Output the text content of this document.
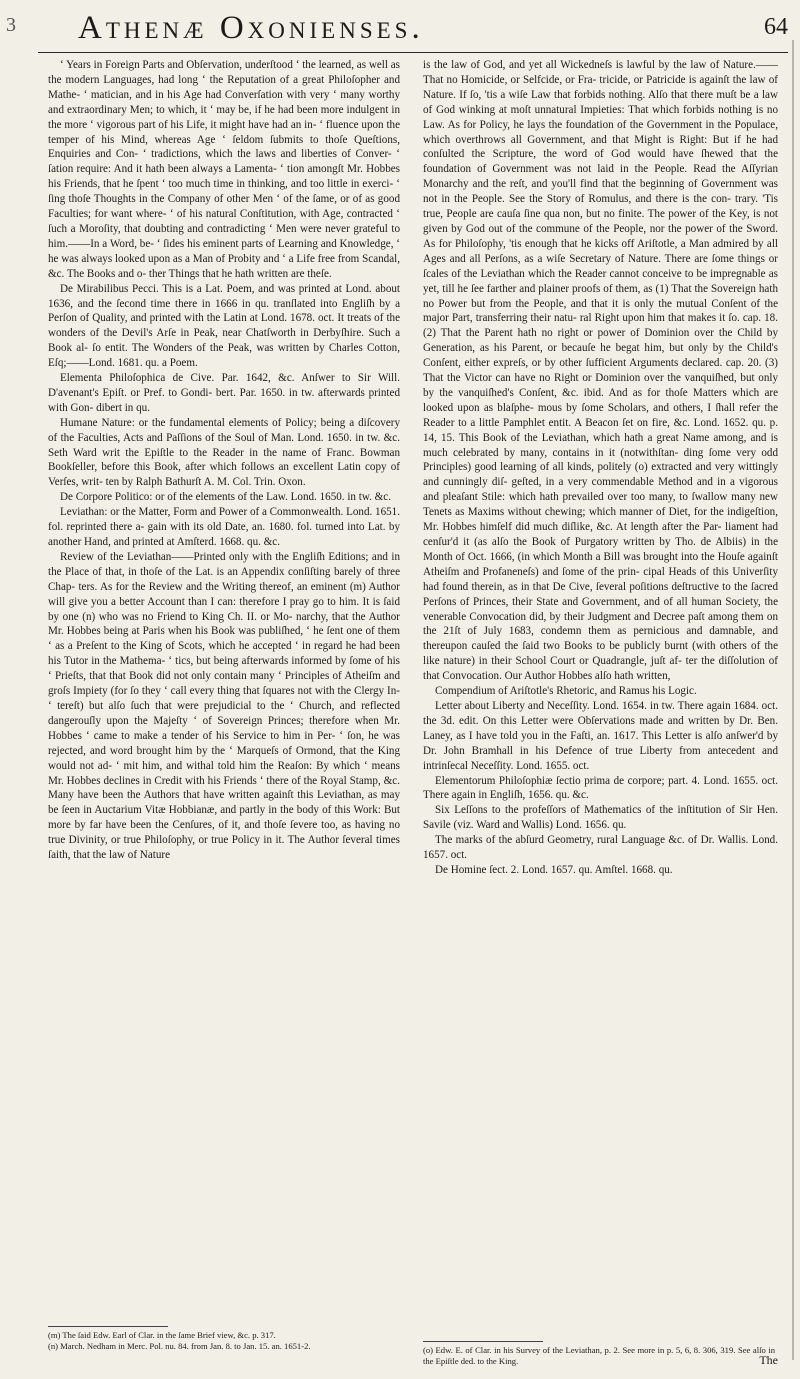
3 Athenæ Oxonienses.	64

‘ Years in Foreign Parts and Obſervation, underſtood ‘ the learned, as well as the modern Languages, had long ‘ the Reputation of a great Philoſopher and Mathe- ‘ matician, and in his Age had Converſation with very ‘ many worthy and extraordinary Men; to which, it ‘ may be, if he had been more indulgent in the more ‘ vigorous part of his Life, it might have had an in- ‘ fluence upon the temper of his Mind, whereas Age ‘ ſeldom ſubmits to thoſe Queſtions, Enquiries and Con- ‘ tradictions, which the laws and liberties of Conver- ‘ ſation require: And it hath been always a Lamenta- ‘ tion amongſt Mr. Hobbes his Friends, that he ſpent ‘ too much time in thinking, and too little in exerci- ‘ ſing thoſe Thoughts in the Company of other Men ‘ of the ſame, or of as good Faculties; for want where- ‘ of his natural Conſtitution, with Age, contracted ‘ ſuch a Moroſity, that doubting and contradicting ‘ Men were never grateful to him.——In a Word, be- ‘ ſides his eminent parts of Learning and Knowledge, ‘ he was always looked upon as a Man of Probity and ‘ a Life free from Scandal, &c. The Books and o- ther Things that he hath written are theſe.

De Mirabilibus Pecci. This is a Lat. Poem, and was printed at Lond. about 1636, and the ſecond time there in 1666 in qu. tranſlated into Engliſh by a Perſon of Quality, and printed with the Latin at Lond. 1678. oct. It treats of the wonders of the Devil's Arſe in Peak, near Chatſworth in Derbyſhire. Such a Book al- ſo entit. The Wonders of the Peak, was written by Charles Cotton, Eſq;——Lond. 1681. qu. a Poem.

Elementa Philoſophica de Cive. Par. 1642, &c. Anſwer to Sir Will. D'avenant's Epiſt. or Pref. to Gondi- bert. Par. 1650. in tw. afterwards printed with Gon- dibert in qu.

Humane Nature: or the fundamental elements of Policy; being a diſcovery of the Faculties, Acts and Paſſions of the Soul of Man. Lond. 1650. in tw. &c. Seth Ward writ the Epiſtle to the Reader in the name of Franc. Bowman Bookſeller, before this Book, after which follows an excellent Latin copy of Verſes, writ- ten by Ralph Bathurſt A. M. Col. Trin. Oxon.

De Corpore Politico: or of the elements of the Law. Lond. 1650. in tw. &c.

Leviathan: or the Matter, Form and Power of a Commonwealth. Lond. 1651. fol. reprinted there a- gain with its old Date, an. 1680. fol. turned into Lat. by another Hand, and printed at Amſterd. 1668. qu. &c.

Review of the Leviathan——Printed only with the Engliſh Editions; and in the Place of that, in thoſe of the Lat. is an Appendix conſiſting barely of three Chap- ters. As for the Review and the Writing thereof, an eminent (m) Author will give you a better Account than I can: therefore I pray go to him. It is ſaid by one (n) who was no Friend to King Ch. II. or Mo- narchy, that the Author Mr. Hobbes being at Paris when his Book was publiſhed, ‘ he ſent one of them ‘ as a Preſent to the King of Scots, which he accepted ‘ in regard he had been his Tutor in the Mathema- ‘ tics, but being afterwards informed by ſome of his ‘ Prieſts, that that Book did not only contain many ‘ Principles of Atheiſm and groſs Impiety (for ſo they ‘ call every thing that ſquares not with the Clergy In- ‘ tereſt) but alſo ſuch that were prejudicial to the ‘ Church, and reflected dangerouſly upon the Majeſty ‘ of Sovereign Princes; therefore when Mr. Hobbes ‘ came to make a tender of his Service to him in Per- ‘ ſon, he was rejected, and word brought him by the ‘ Marqueſs of Ormond, that the King would not ad- ‘ mit him, and withal told him the Reaſon: By which ‘ means Mr. Hobbes declines in Credit with his Friends ‘ there of the Royal Stamp, &c. Many have been the Authors that have written againſt this Leviathan, as may be ſeen in Auctarium Vitæ Hobbianæ, and partly in the body of this Work: But more by far have been the Cenſures, of it, and thoſe ſevere too, as having no true Divinity, or true Philoſophy, or true Policy in it. The Author ſeveral times ſaith, that the law of Nature

(m) The ſaid Edw. Earl of Clar. in the ſame Brief view, &c. p. 317.
(n) March. Nedham in Merc. Pol. nu. 84. from Jan. 8. to Jan. 15. an. 1651-2.

is the law of God, and yet all Wickedneſs is lawful by the law of Nature.——That no Homicide, or Selfcide, or Fra- tricide, or Patricide is againſt the law of Nature. If ſo, 'tis a wiſe Law that forbids nothing. Alſo that there muſt be a law of God winking at moſt unnatural Impieties: That which forbids nothing is no Law. As for Policy, he lays the foundation of the Government in the Populace, which overthrows all Government, and that Might is Right: But if he had conſulted the Scripture, the word of God would have ſhewed that the foundation of Government was not laid in the People. Read the Aſſyrian Monarchy and the reſt, and you'll find that the beginning of Government was not in the People. See the Story of Romulus, and there is the con- trary. 'Tis true, People are cauſa ſine qua non, but no finite. The power of the Key, is not given by God out of the commune of the People, nor the power of the Sword. As for Philoſophy, 'tis enough that he kicks off Ariſtotle, a Man admired by all Ages and all Perſons, as a wiſe Secretary of Nature. There are ſome things or ſcales of the Leviathan which the Reader cannot conceive to be impregnable as yet, till he ſee farther and plainer proofs of them, as (1) That the Sovereign hath no Power but from the People, and that it is only the mutual Conſent of the major Part, transferring their natu- ral Right upon him that makes it ſo. cap. 18. (2) That the Parent hath no right or power of Dominion over the Child by Generation, as his Parent, or becauſe he begat him, but only by the Child's Conſent, either expreſs, or by other ſufficient Arguments declared. cap. 20. (3) That the Victor can have no Right or Dominion over the vanquiſhed, but only by the vanquiſhed's Conſent, &c. ibid. And as for thoſe Matters which are looked upon as blaſphe- mous by ſome Scholars, and others, I ſhall refer the Reader to a little Pamphlet entit. A Beacon ſet on fire, &c. Lond. 1652. qu. p. 14, 15. This Book of the Leviathan, which hath a great Name among, and is much celebrated by many, contains in it (notwithſtan- ding ſome very odd Principles) good learning of all kinds, politely (o) extracted and very wittingly and cunningly diſ- geſted, in a very commendable Method and in a vigorous and pleaſant Stile: which hath prevailed over too many, to ſwallow many new Tenets as Maxims without chewing; which manner of Diet, for the indigeſtion, Mr. Hobbes himſelf did much diſlike, &c. At length after the Par- liament had cenſur'd it (as alſo the Book of Purgatory written by Tho. de Albiis) in the Month of Oct. 1666, (in which Month a Bill was brought into the Houſe againſt Atheiſm and Profaneneſs) and ſome of the prin- cipal Heads of this Univerſity had found therein, as in that De Cive, ſeveral poſitions deſtructive to the ſacred Perſons of Princes, their State and Government, and of all human Society, the venerable Convocation did, by their Judgment and Decree paſt among them on the 21ſt of July 1683, condemn them as pernicious and damnable, and thereupon cauſed the ſaid two Books to be publicly burnt (with others of the like nature) in their School Court or Quadrangle, juſt af- ter the diſſolution of that Convocation. Our Author Hobbes alſo hath written,

Compendium of Ariſtotle's Rhetoric, and Ramus his Logic.

Letter about Liberty and Neceſſity. Lond. 1654. in tw. There again 1684. oct. the 3d. edit. On this Letter were Obſervations made and written by Dr. Ben. Laney, as I have told you in the Faſti, an. 1617. This Letter is alſo anſwer'd by Dr. John Bramhall in his Defence of true Liberty from antecedent and intrinſecal Neceſſity. Lond. 1655. oct.

Elementorum Philoſophiæ ſectio prima de corpore; part. 4. Lond. 1655. oct. There again in Engliſh, 1656. qu. &c.

Six Leſſons to the profeſſors of Mathematics of the inſtitution of Sir Hen. Savile (viz. Ward and Wallis) Lond. 1656. qu.

The marks of the abſurd Geometry, rural Language &c. of Dr. Wallis. Lond. 1657. oct.

De Homine ſect. 2. Lond. 1657. qu. Amſtel. 1668. qu.

(o) Edw. E. of Clar. in his Survey of the Leviathan, p. 2. See more in p. 5, 6, 8. 306, 319. See alſo in the Epiſtle ded. to the King.	The
